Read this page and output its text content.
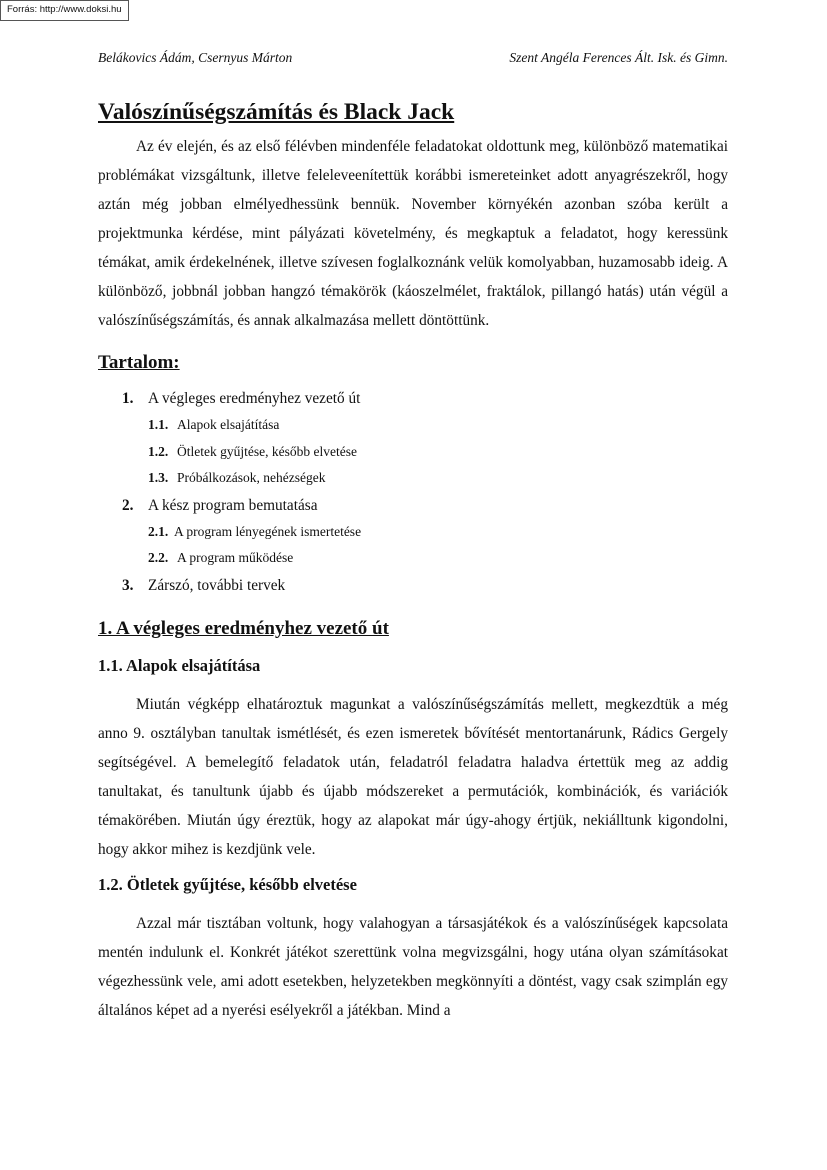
Forrás: http://www.doksi.hu
Belákovics Ádám, Csernyus Márton	Szent Angéla Ferences Ált. Isk. és Gimn.
Valószínűségszámítás és Black Jack

Az év elején, és az első félévben mindenféle feladatokat oldottunk meg, különböző matematikai problémákat vizsgáltunk, illetve feleleveenítettük korábbi ismereteinket adott anyagrészekről, hogy aztán még jobban elmélyedhessünk bennük. November környékén azonban szóba került a projektmunka kérdése, mint pályázati követelmény, és megkaptuk a feladatot, hogy keressünk témákat, amik érdekelnének, illetve szívesen foglalkoznánk velük komolyabban, huzamosabb ideig. A különböző, jobbnál jobban hangzó témakörök (káoszelmélet, fraktálok, pillangó hatás) után végül a valószínűségszámítás, és annak alkalmazása mellett döntöttünk.

Tartalom:
1. A végleges eredményhez vezető út
1.1. Alapok elsajátítása
1.2. Ötletek gyűjtése, később elvetése
1.3. Próbálkozások, nehézségek
2. A kész program bemutatása
2.1. A program lényegének ismertetése
2.2. A program működése
3. Zárszó, további tervek
1. A végleges eredményhez vezető út
1.1. Alapok elsajátítása

Miután végképp elhatároztuk magunkat a valószínűségszámítás mellett, megkezdtük a még anno 9. osztályban tanultak ismétlését, és ezen ismeretek bővítését mentortanárunk, Rádics Gergely segítségével. A bemelegítő feladatok után, feladatról feladatra haladva értettük meg az addig tanultakat, és tanultunk újabb és újabb módszereket a permutációk, kombinációk, és variációk témakörében. Miután úgy éreztük, hogy az alapokat már úgy-ahogy értjük, nekiálltunk kigondolni, hogy akkor mihez is kezdjünk vele.

1.2. Ötletek gyűjtése, később elvetése

Azzal már tisztában voltunk, hogy valahogyan a társasjátékok és a valószínűségek kapcsolata mentén indulunk el. Konkrét játékot szerettünk volna megvizsgálni, hogy utána olyan számításokat végezhessünk vele, ami adott esetekben, helyzetekben megkönnyíti a döntést, vagy csak szimplán egy általános képet ad a nyerési esélyekről a játékban. Mind a
